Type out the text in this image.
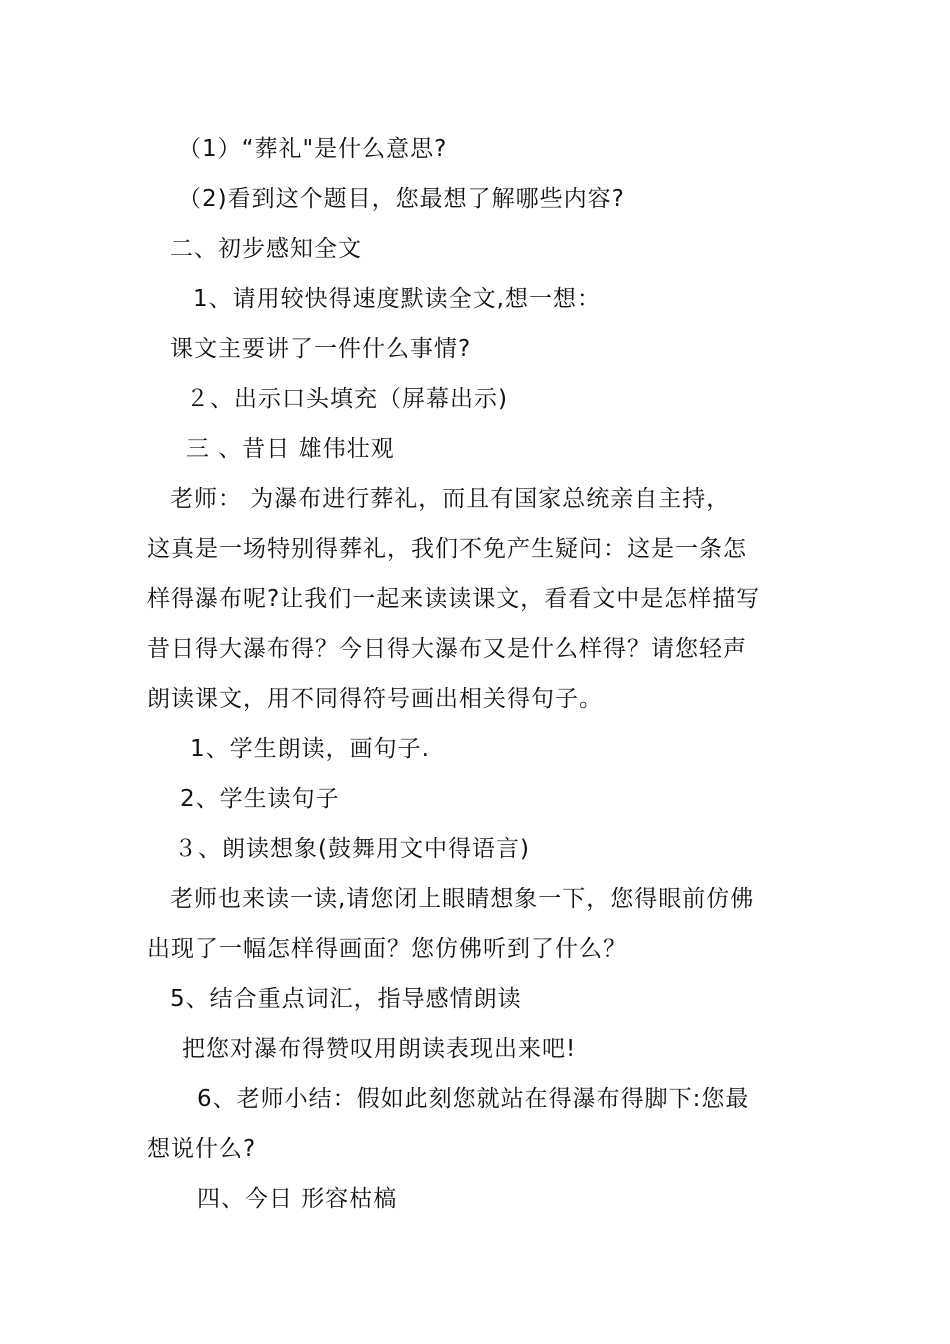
（1）“葬礼"是什么意思?
（2)看到这个题目，您最想了解哪些内容?
二、初步感知全文
1、请用较快得速度默读全文,想一想：
课文主要讲了一件什么事情?
２、出示口头填充（屏幕出示)
三 、昔日 雄伟壮观
老师： 为瀑布进行葬礼，而且有国家总统亲自主持，
这真是一场特别得葬礼，我们不免产生疑问：这是一条怎
样得瀑布呢?让我们一起来读读课文，看看文中是怎样描写
昔日得大瀑布得？今日得大瀑布又是什么样得？请您轻声
朗读课文，用不同得符号画出相关得句子。
1、学生朗读，画句子.
2、学生读句子
３、朗读想象(鼓舞用文中得语言)
老师也来读一读,请您闭上眼睛想象一下，您得眼前仿佛
出现了一幅怎样得画面？您仿佛听到了什么？
5、结合重点词汇，指导感情朗读
把您对瀑布得赞叹用朗读表现出来吧!
6、老师小结：假如此刻您就站在得瀑布得脚下:您最
想说什么?
四、今日 形容枯槁
